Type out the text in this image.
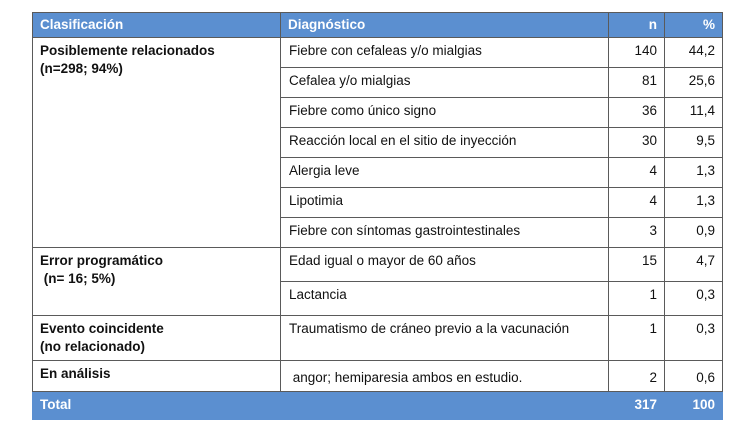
Clasificación	Diagnóstico	n	%

Posiblemente relacionados
(n=298; 94%)	Fiebre con cefaleas y/o mialgias	140	44,2
	Cefalea y/o mialgias	81	25,6
	Fiebre como único signo	36	11,4
	Reacción local en el sitio de inyección	30	9,5
	Alergia leve	4	1,3
	Lipotimia	4	1,3
	Fiebre con síntomas gastrointestinales	3	0,9

Error programático
(n= 16; 5%)	Edad igual o mayor de 60 años	15	4,7
	Lactancia	1	0,3

Evento coincidente
(no relacionado)	Traumatismo de cráneo previo a la vacunación	1	0,3

En análisis	angor; hemiparesia ambos en estudio.	2	0,6
Total		317	100
